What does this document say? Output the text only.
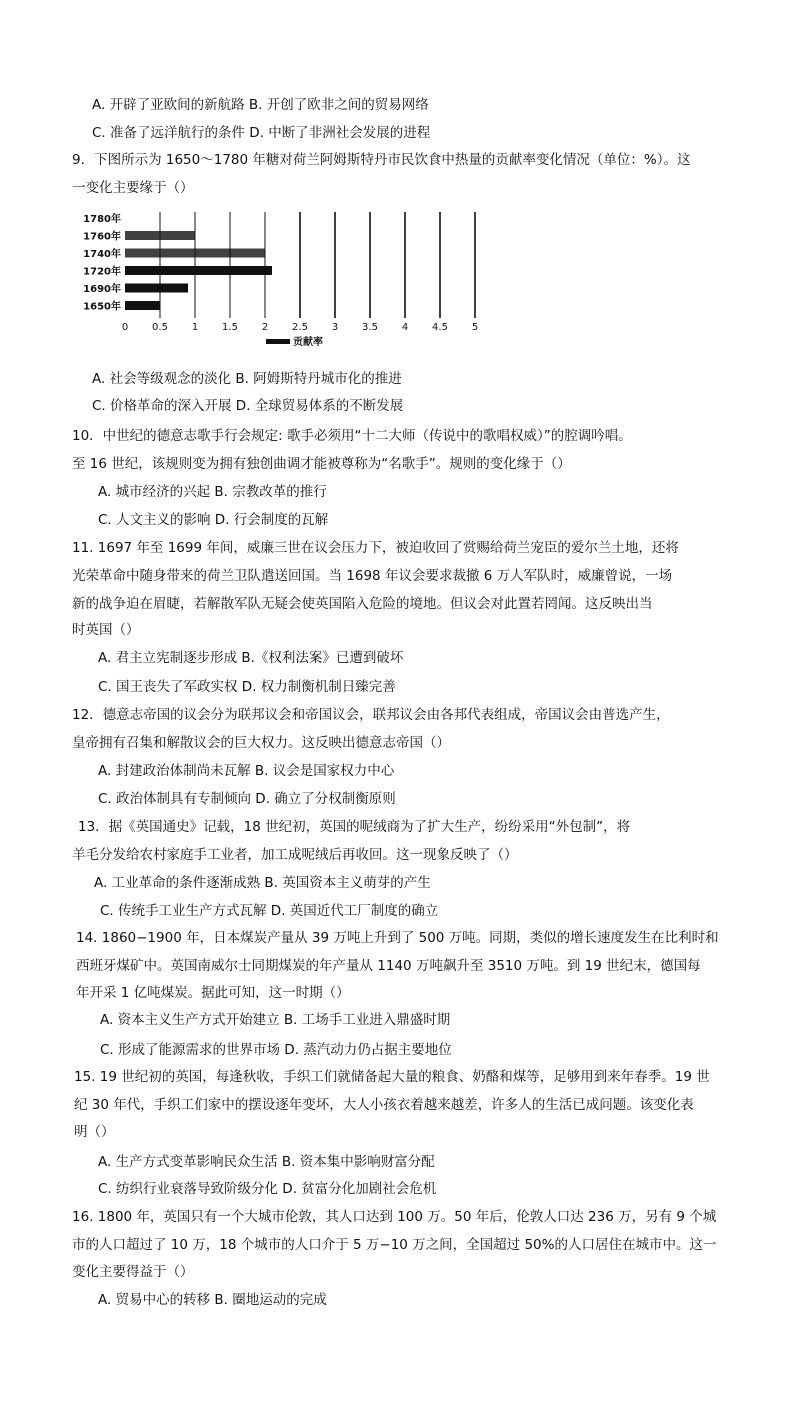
A. 开辟了亚欧间的新航路 B. 开创了欧非之间的贸易网络
C. 准备了远洋航行的条件 D. 中断了非洲社会发展的进程
9．下图所示为 1650～1780 年糖对荷兰阿姆斯特丹市民饮食中热量的贡献率变化情况（单位：%）。这
一变化主要缘于（）
1780年
1760年
1740年
1720年
1690年
1650年
0 0.5 1 1.5 2 2.5 3 3.5 4 4.5 5
贡献率
A. 社会等级观念的淡化 B. 阿姆斯特丹城市化的推进
C. 价格革命的深入开展 D. 全球贸易体系的不断发展
10．中世纪的德意志歌手行会规定: 歌手必须用“十二大师（传说中的歌唱权威）”的腔调吟唱。
至 16 世纪，该规则变为拥有独创曲调才能被尊称为“名歌手”。规则的变化缘于（）
A. 城市经济的兴起 B. 宗教改革的推行
C. 人文主义的影响 D. 行会制度的瓦解
11. 1697 年至 1699 年间，威廉三世在议会压力下，被迫收回了赏赐给荷兰宠臣的爱尔兰土地，还将
光荣革命中随身带来的荷兰卫队遣送回国。当 1698 年议会要求裁撤 6 万人军队时，威廉曾说，一场
新的战争迫在眉睫，若解散军队无疑会使英国陷入危险的境地。但议会对此置若罔闻。这反映出当
时英国（）
A. 君主立宪制逐步形成 B.《权利法案》已遭到破坏
C. 国王丧失了军政实权 D. 权力制衡机制日臻完善
12．德意志帝国的议会分为联邦议会和帝国议会，联邦议会由各邦代表组成，帝国议会由普选产生，
皇帝拥有召集和解散议会的巨大权力。这反映出德意志帝国（）
A. 封建政治体制尚未瓦解 B. 议会是国家权力中心
C. 政治体制具有专制倾向 D. 确立了分权制衡原则
13．据《英国通史》记载，18 世纪初，英国的呢绒商为了扩大生产，纷纷采用“外包制”，将
羊毛分发给农村家庭手工业者，加工成呢绒后再收回。这一现象反映了（）
A. 工业革命的条件逐渐成熟 B. 英国资本主义萌芽的产生
C. 传统手工业生产方式瓦解 D. 英国近代工厂制度的确立
14. 1860−1900 年，日本煤炭产量从 39 万吨上升到了 500 万吨。同期，类似的增长速度发生在比利时和
西班牙煤矿中。英国南威尔士同期煤炭的年产量从 1140 万吨飙升至 3510 万吨。到 19 世纪末，德国每
年开采 1 亿吨煤炭。据此可知，这一时期（）
A. 资本主义生产方式开始建立 B. 工场手工业进入鼎盛时期
C. 形成了能源需求的世界市场 D. 蒸汽动力仍占据主要地位
15. 19 世纪初的英国，每逢秋收，手织工们就储备起大量的粮食、奶酪和煤等，足够用到来年春季。19 世
纪 30 年代，手织工们家中的摆设逐年变坏，大人小孩衣着越来越差，许多人的生活已成问题。该变化表
明（）
A. 生产方式变革影响民众生活 B. 资本集中影响财富分配
C. 纺织行业衰落导致阶级分化 D. 贫富分化加剧社会危机
16. 1800 年，英国只有一个大城市伦敦，其人口达到 100 万。50 年后，伦敦人口达 236 万，另有 9 个城
市的人口超过了 10 万，18 个城市的人口介于 5 万−10 万之间，全国超过 50%的人口居住在城市中。这一
变化主要得益于（）
A. 贸易中心的转移 B. 圈地运动的完成
